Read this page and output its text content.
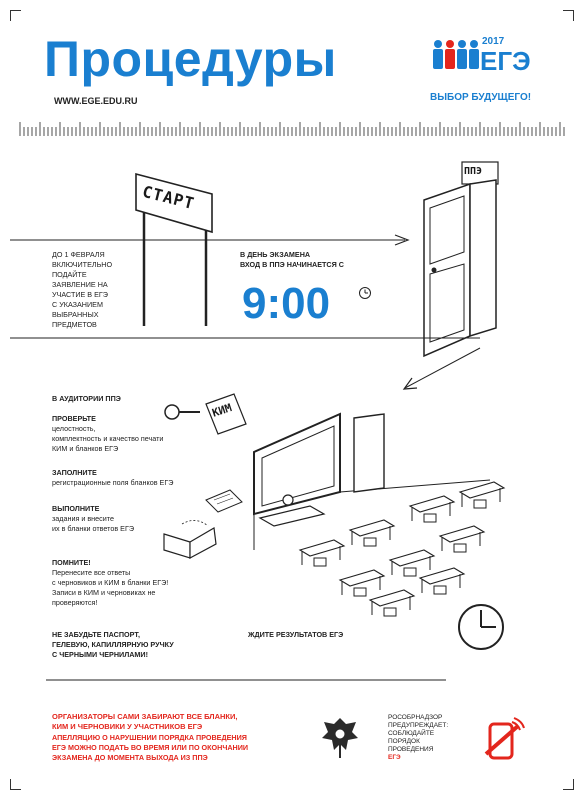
Процедуры
WWW.EGE.EDU.RU
2017
ЕГЭ
ВЫБОР БУДУЩЕГО!
СТАРТ
ДО 1 ФЕВРАЛЯ
ВКЛЮЧИТЕЛЬНО
ПОДАЙТЕ
ЗАЯВЛЕНИЕ НА
УЧАСТИЕ В ЕГЭ
С УКАЗАНИЕМ
ВЫБРАННЫХ
ПРЕДМЕТОВ
В ДЕНЬ ЭКЗАМЕНА
ВХОД В ППЭ НАЧИНАЕТСЯ С
9:00
ППЭ
В АУДИТОРИИ ППЭ
КИМ
ПРОВЕРЬТЕ
целостность,
комплектность и качество печати
КИМ и бланков ЕГЭ
ЗАПОЛНИТЕ
регистрационные поля бланков ЕГЭ
ВЫПОЛНИТЕ
задания и внесите
их в бланки ответов ЕГЭ
ПОМНИТЕ!
Перенесите все ответы
с черновиков и КИМ в бланки ЕГЭ!
Записи в КИМ и черновиках не
проверяются!
НЕ ЗАБУДЬТЕ ПАСПОРТ,
ГЕЛЕВУЮ, КАПИЛЛЯРНУЮ РУЧКУ
С ЧЕРНЫМИ ЧЕРНИЛАМИ!
ЖДИТЕ РЕЗУЛЬТАТОВ ЕГЭ
ОРГАНИЗАТОРЫ САМИ ЗАБИРАЮТ ВСЕ БЛАНКИ,
КИМ И ЧЕРНОВИКИ У УЧАСТНИКОВ ЕГЭ
АПЕЛЛЯЦИЮ О НАРУШЕНИИ ПОРЯДКА ПРОВЕДЕНИЯ
ЕГЭ МОЖНО ПОДАТЬ ВО ВРЕМЯ ИЛИ ПО ОКОНЧАНИИ
ЭКЗАМЕНА ДО МОМЕНТА ВЫХОДА ИЗ ППЭ
РОСОБРНАДЗОР
ПРЕДУПРЕЖДАЕТ:
СОБЛЮДАЙТЕ
ПОРЯДОК
ПРОВЕДЕНИЯ
ЕГЭ
